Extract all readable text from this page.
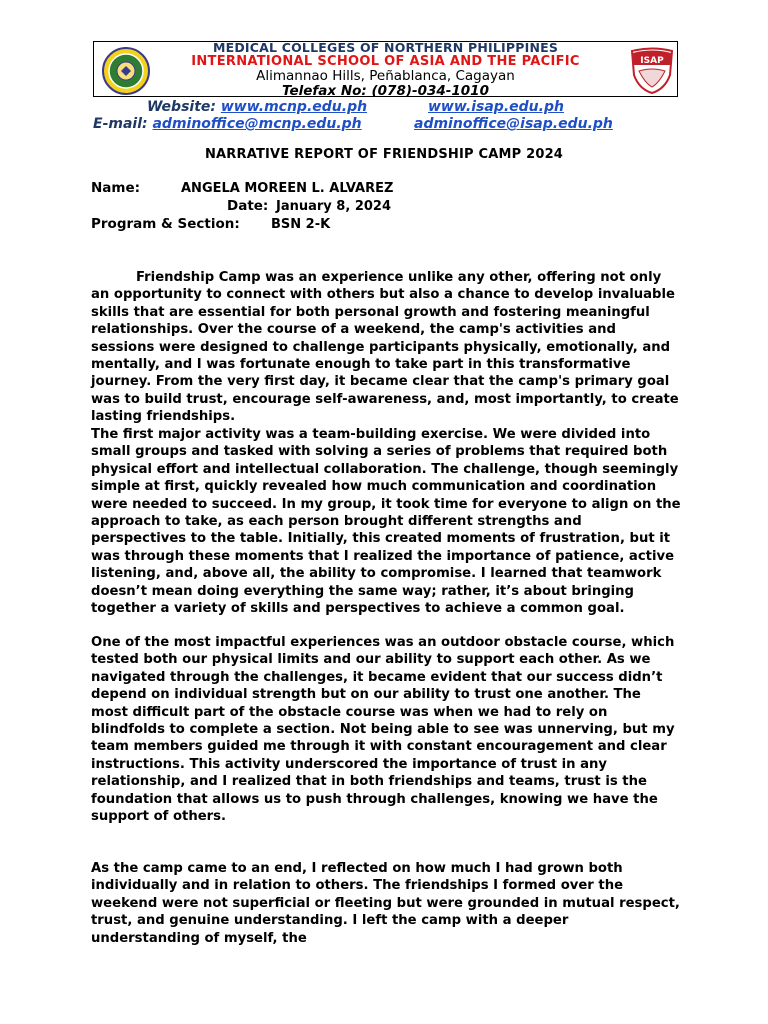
MEDICAL COLLEGES OF NORTHERN PHILIPPINES
INTERNATIONAL SCHOOL OF ASIA AND THE PACIFIC
Alimannao Hills, Peñablanca, Cagayan
Telefax No: (078)-034-1010
ISAP
Website: www.mcnp.edu.ph	www.isap.edu.ph
E-mail: adminoffice@mcnp.edu.ph	adminoffice@isap.edu.ph
NARRATIVE REPORT OF FRIENDSHIP CAMP 2024
Name:	ANGELA MOREEN L. ALVAREZ
Date: January 8, 2024
Program & Section: BSN 2-K

Friendship Camp was an experience unlike any other, offering not only an opportunity to connect with others but also a chance to develop invaluable skills that are essential for both personal growth and fostering meaningful relationships. Over the course of a weekend, the camp's activities and sessions were designed to challenge participants physically, emotionally, and mentally, and I was fortunate enough to take part in this transformative journey. From the very first day, it became clear that the camp's primary goal was to build trust, encourage self-awareness, and, most importantly, to create lasting friendships.

The first major activity was a team-building exercise. We were divided into small groups and tasked with solving a series of problems that required both physical effort and intellectual collaboration. The challenge, though seemingly simple at first, quickly revealed how much communication and coordination were needed to succeed. In my group, it took time for everyone to align on the approach to take, as each person brought different strengths and perspectives to the table. Initially, this created moments of frustration, but it was through these moments that I realized the importance of patience, active listening, and, above all, the ability to compromise. I learned that teamwork doesn’t mean doing everything the same way; rather, it’s about bringing together a variety of skills and perspectives to achieve a common goal.

One of the most impactful experiences was an outdoor obstacle course, which tested both our physical limits and our ability to support each other. As we navigated through the challenges, it became evident that our success didn’t depend on individual strength but on our ability to trust one another. The most difficult part of the obstacle course was when we had to rely on blindfolds to complete a section. Not being able to see was unnerving, but my team members guided me through it with constant encouragement and clear instructions. This activity underscored the importance of trust in any relationship, and I realized that in both friendships and teams, trust is the foundation that allows us to push through challenges, knowing we have the support of others.

As the camp came to an end, I reflected on how much I had grown both individually and in relation to others. The friendships I formed over the weekend were not superficial or fleeting but were grounded in mutual respect, trust, and genuine understanding. I left the camp with a deeper understanding of myself, the
